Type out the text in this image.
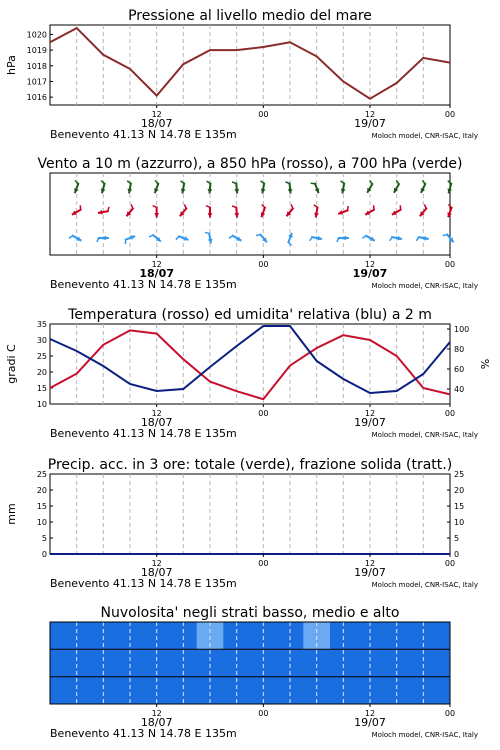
Pressione al livello medio del mare
1016
1017
1018
1019
1020
hPa
12	00	12	00
18/07	19/07
Benevento 41.13 N 14.78 E 135m	Moloch model, CNR-ISAC, Italy
Vento a 10 m (azzurro), a 850 hPa (rosso), a 700 hPa (verde)
12	00	12	00
18/07	19/07
Benevento 41.13 N 14.78 E 135m	Moloch model, CNR-ISAC, Italy
Temperatura (rosso) ed umidita' relativa (blu) a 2 m
10
15
20
25
30
35
40
60
80
100
gradi C	%
12	00	12	00
18/07	19/07
Benevento 41.13 N 14.78 E 135m	Moloch model, CNR-ISAC, Italy
Precip. acc. in 3 ore: totale (verde), frazione solida (tratt.)
0
5
10
15
20
25
0
5
10
15
20
25
mm
12	00	12	00
18/07	19/07
Benevento 41.13 N 14.78 E 135m	Moloch model, CNR-ISAC, Italy
Nuvolosita' negli strati basso, medio e alto
12	00	12	00
18/07	19/07
Benevento 41.13 N 14.78 E 135m	Moloch model, CNR-ISAC, Italy
